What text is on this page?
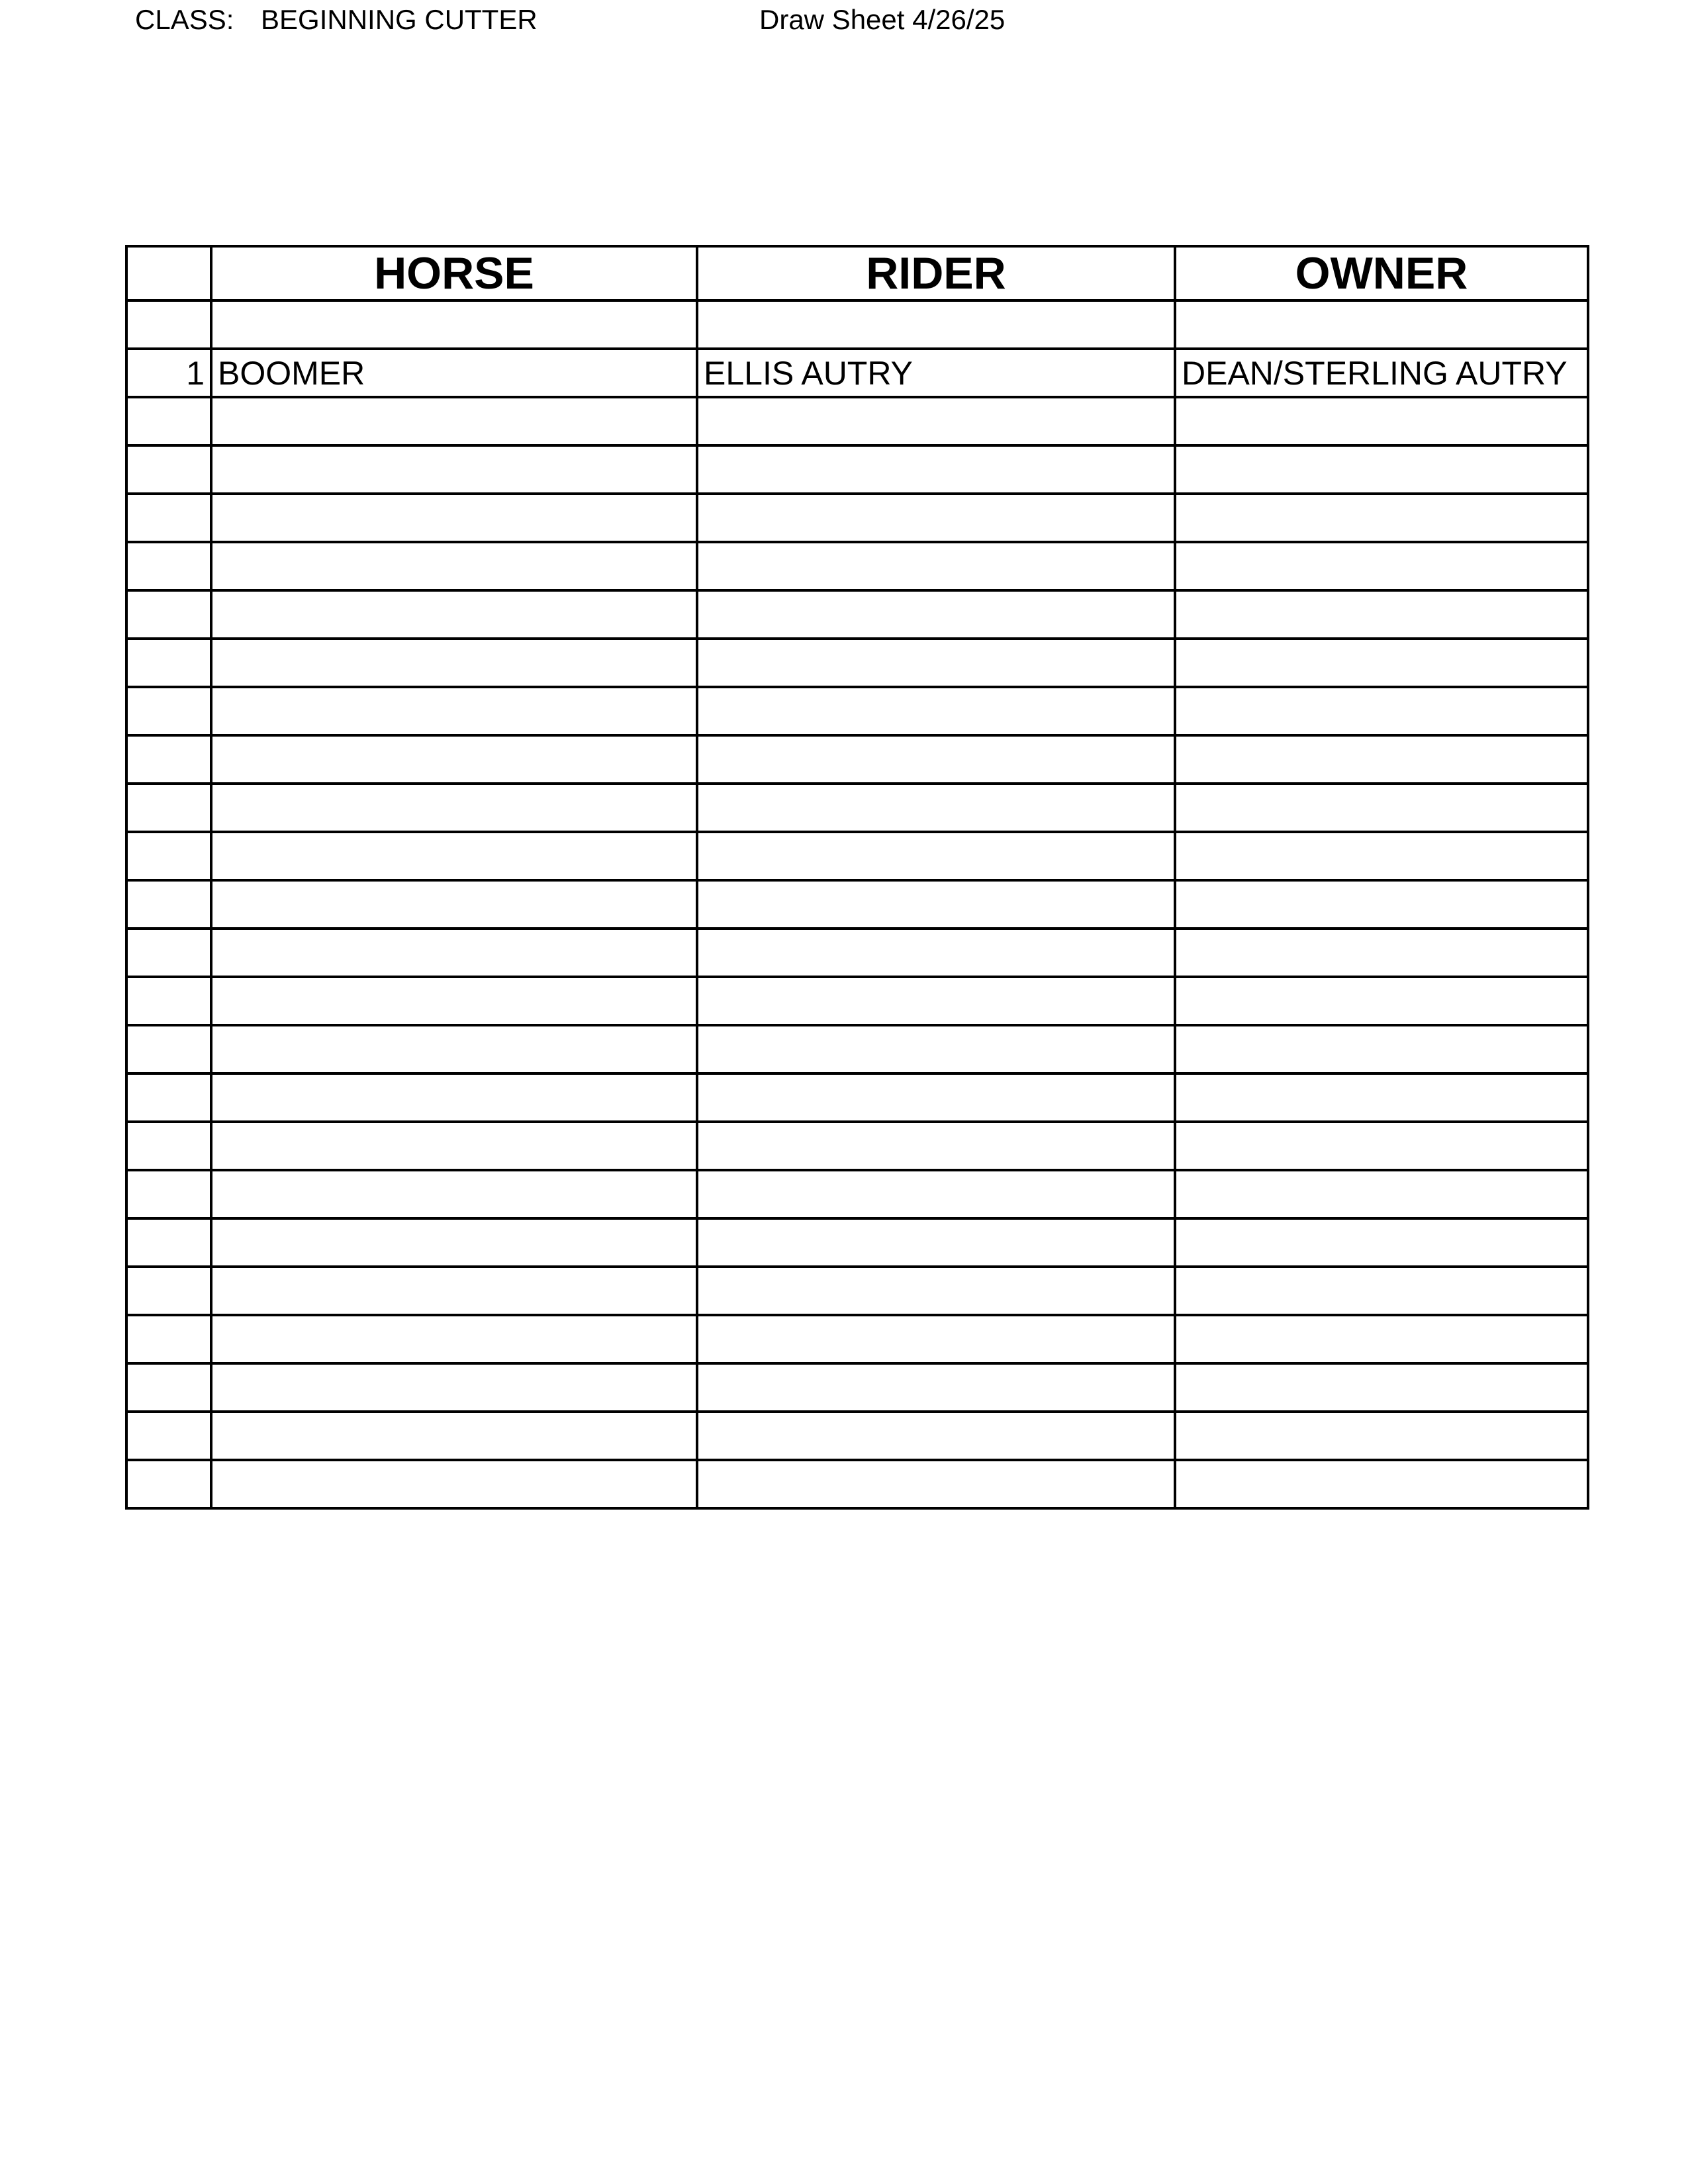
CLASS: BEGINNING CUTTER	Draw Sheet 4/26/25
	HORSE	RIDER	OWNER

1	BOOMER	ELLIS AUTRY	DEAN/STERLING AUTRY
